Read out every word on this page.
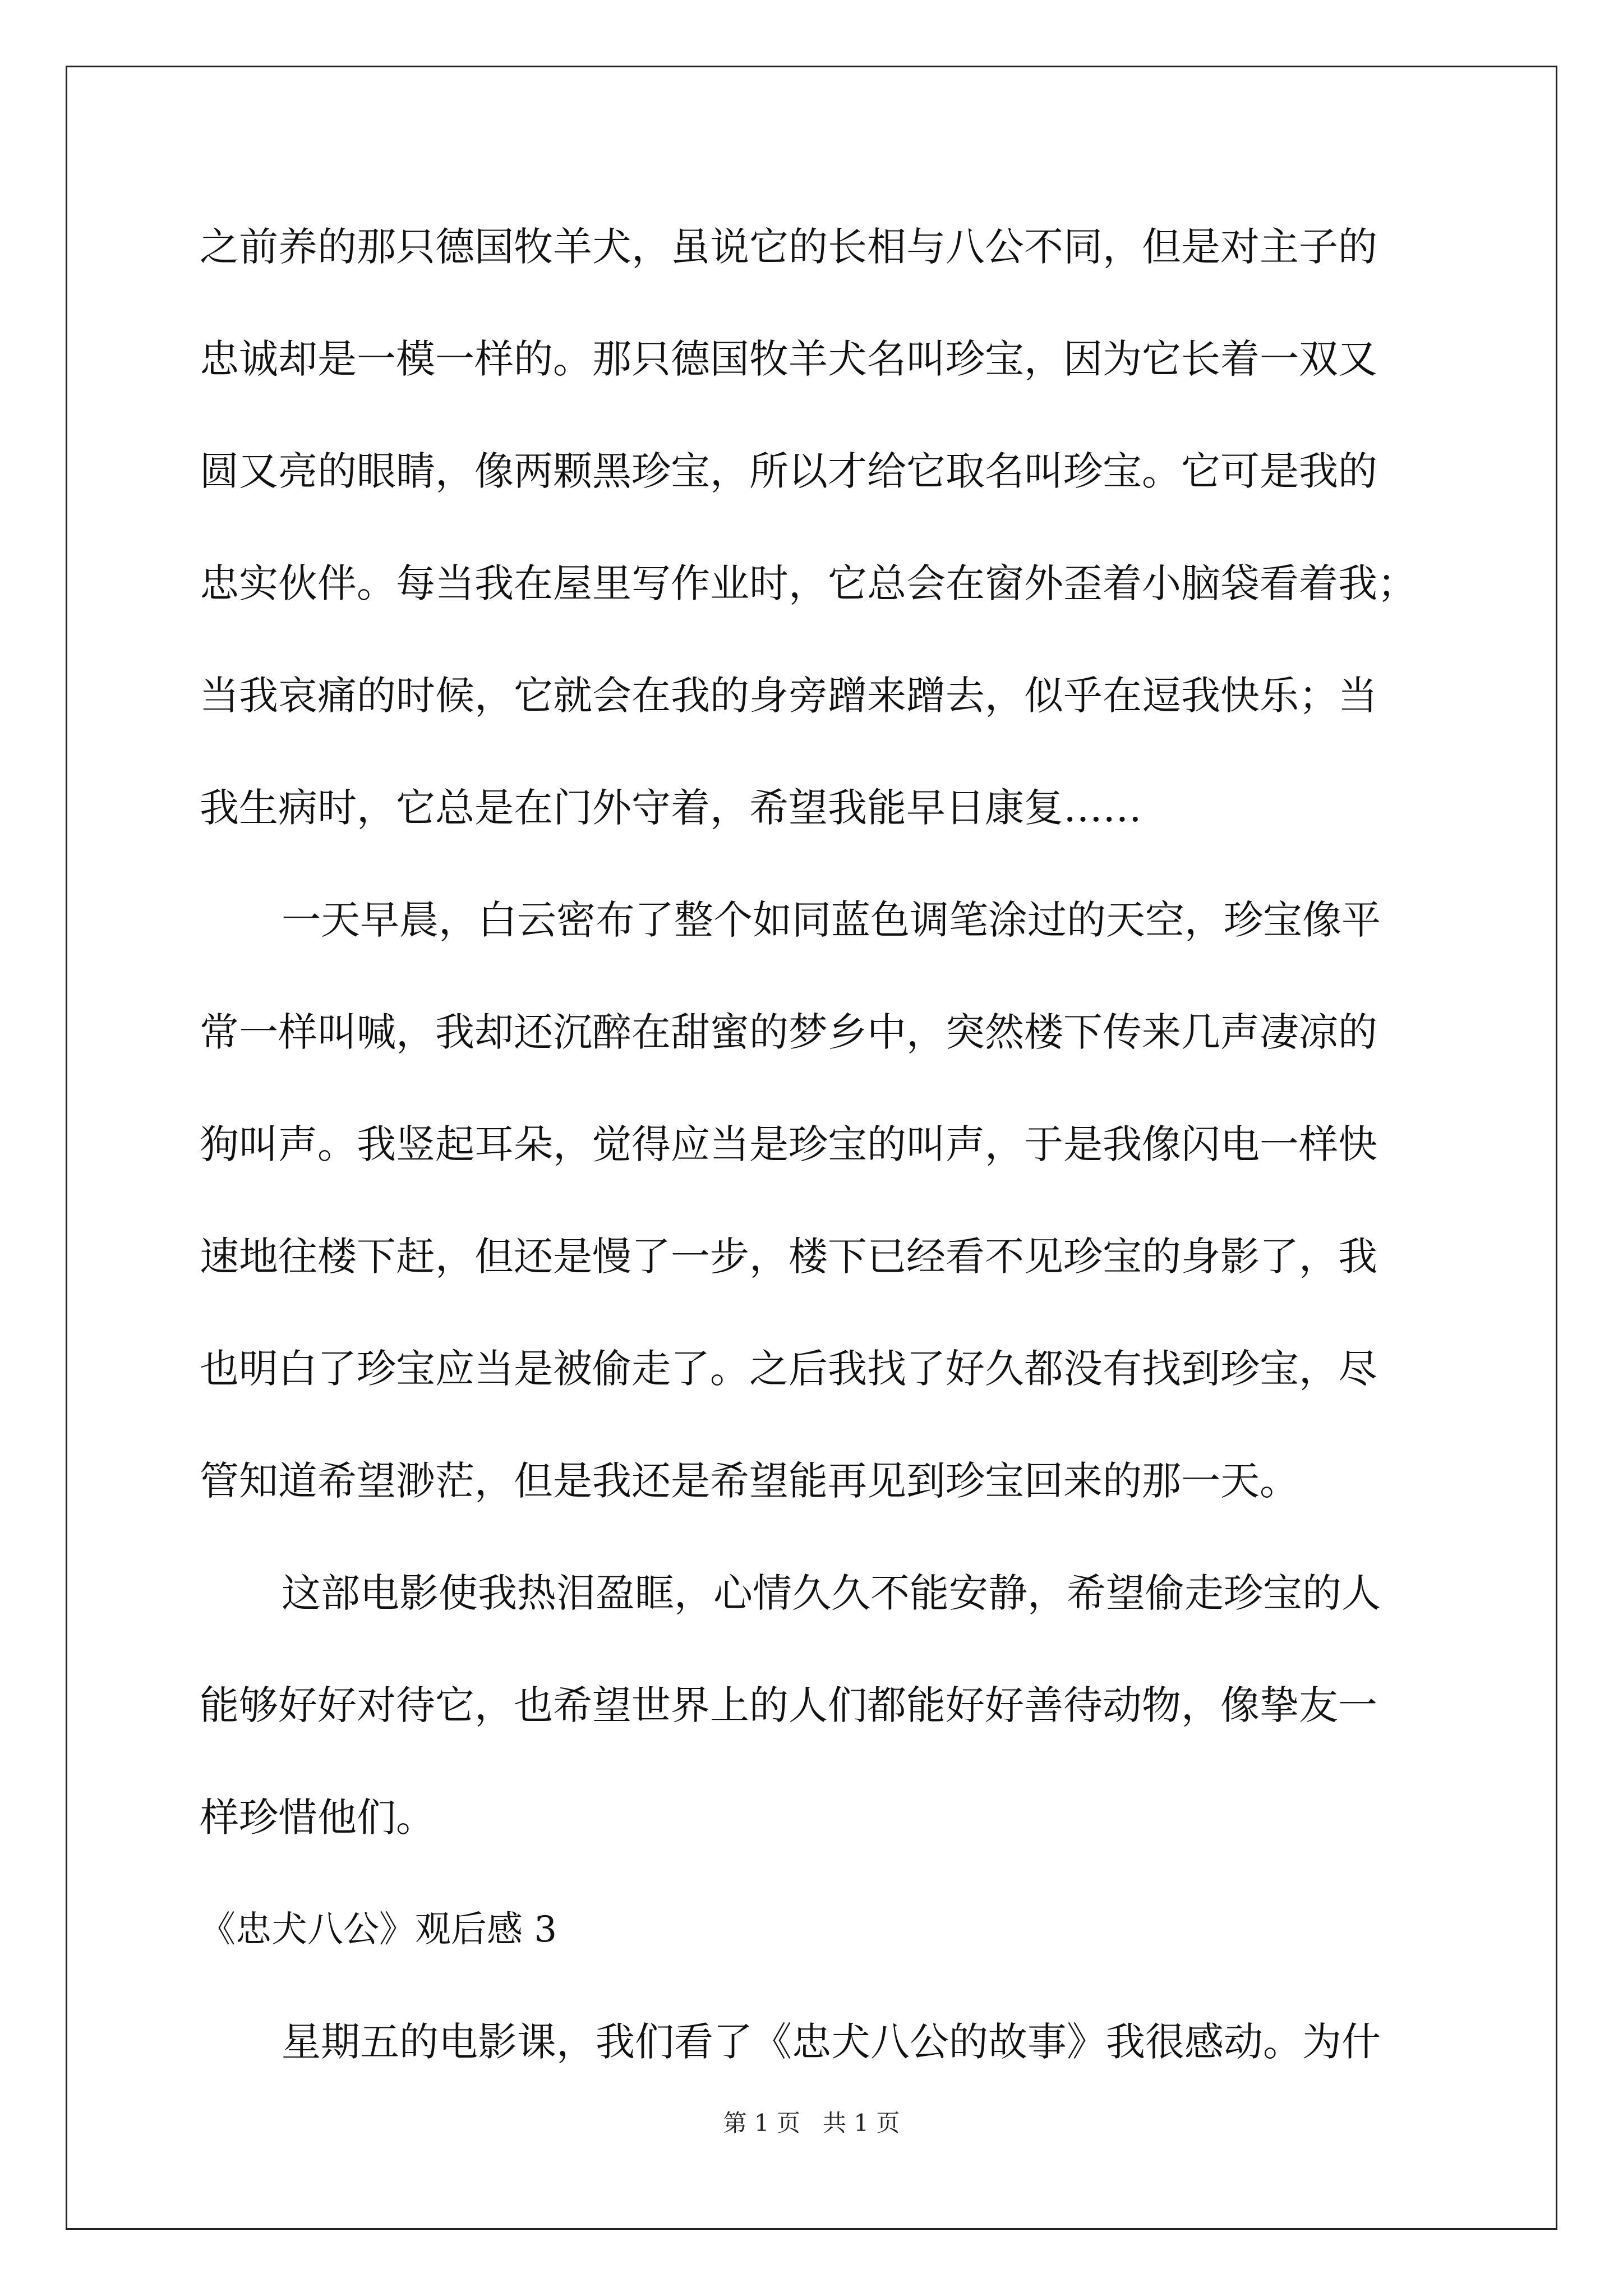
之前养的那只德国牧羊犬，虽说它的长相与八公不同，但是对主子的
忠诚却是一模一样的。那只德国牧羊犬名叫珍宝，因为它长着一双又
圆又亮的眼睛，像两颗黑珍宝，所以才给它取名叫珍宝。它可是我的
忠实伙伴。每当我在屋里写作业时，它总会在窗外歪着小脑袋看着我；
当我哀痛的时候，它就会在我的身旁蹭来蹭去，似乎在逗我快乐；当
我生病时，它总是在门外守着，希望我能早日康复……
一天早晨，白云密布了整个如同蓝色调笔涂过的天空，珍宝像平
常一样叫喊，我却还沉醉在甜蜜的梦乡中，突然楼下传来几声凄凉的
狗叫声。我竖起耳朵，觉得应当是珍宝的叫声，于是我像闪电一样快
速地往楼下赶，但还是慢了一步，楼下已经看不见珍宝的身影了，我
也明白了珍宝应当是被偷走了。之后我找了好久都没有找到珍宝，尽
管知道希望渺茫，但是我还是希望能再见到珍宝回来的那一天。
这部电影使我热泪盈眶，心情久久不能安静，希望偷走珍宝的人
能够好好对待它，也希望世界上的人们都能好好善待动物，像挚友一
样珍惜他们。
《忠犬八公》观后感 3
星期五的电影课，我们看了《忠犬八公的故事》我很感动。为什
第 1 页 共 1 页
